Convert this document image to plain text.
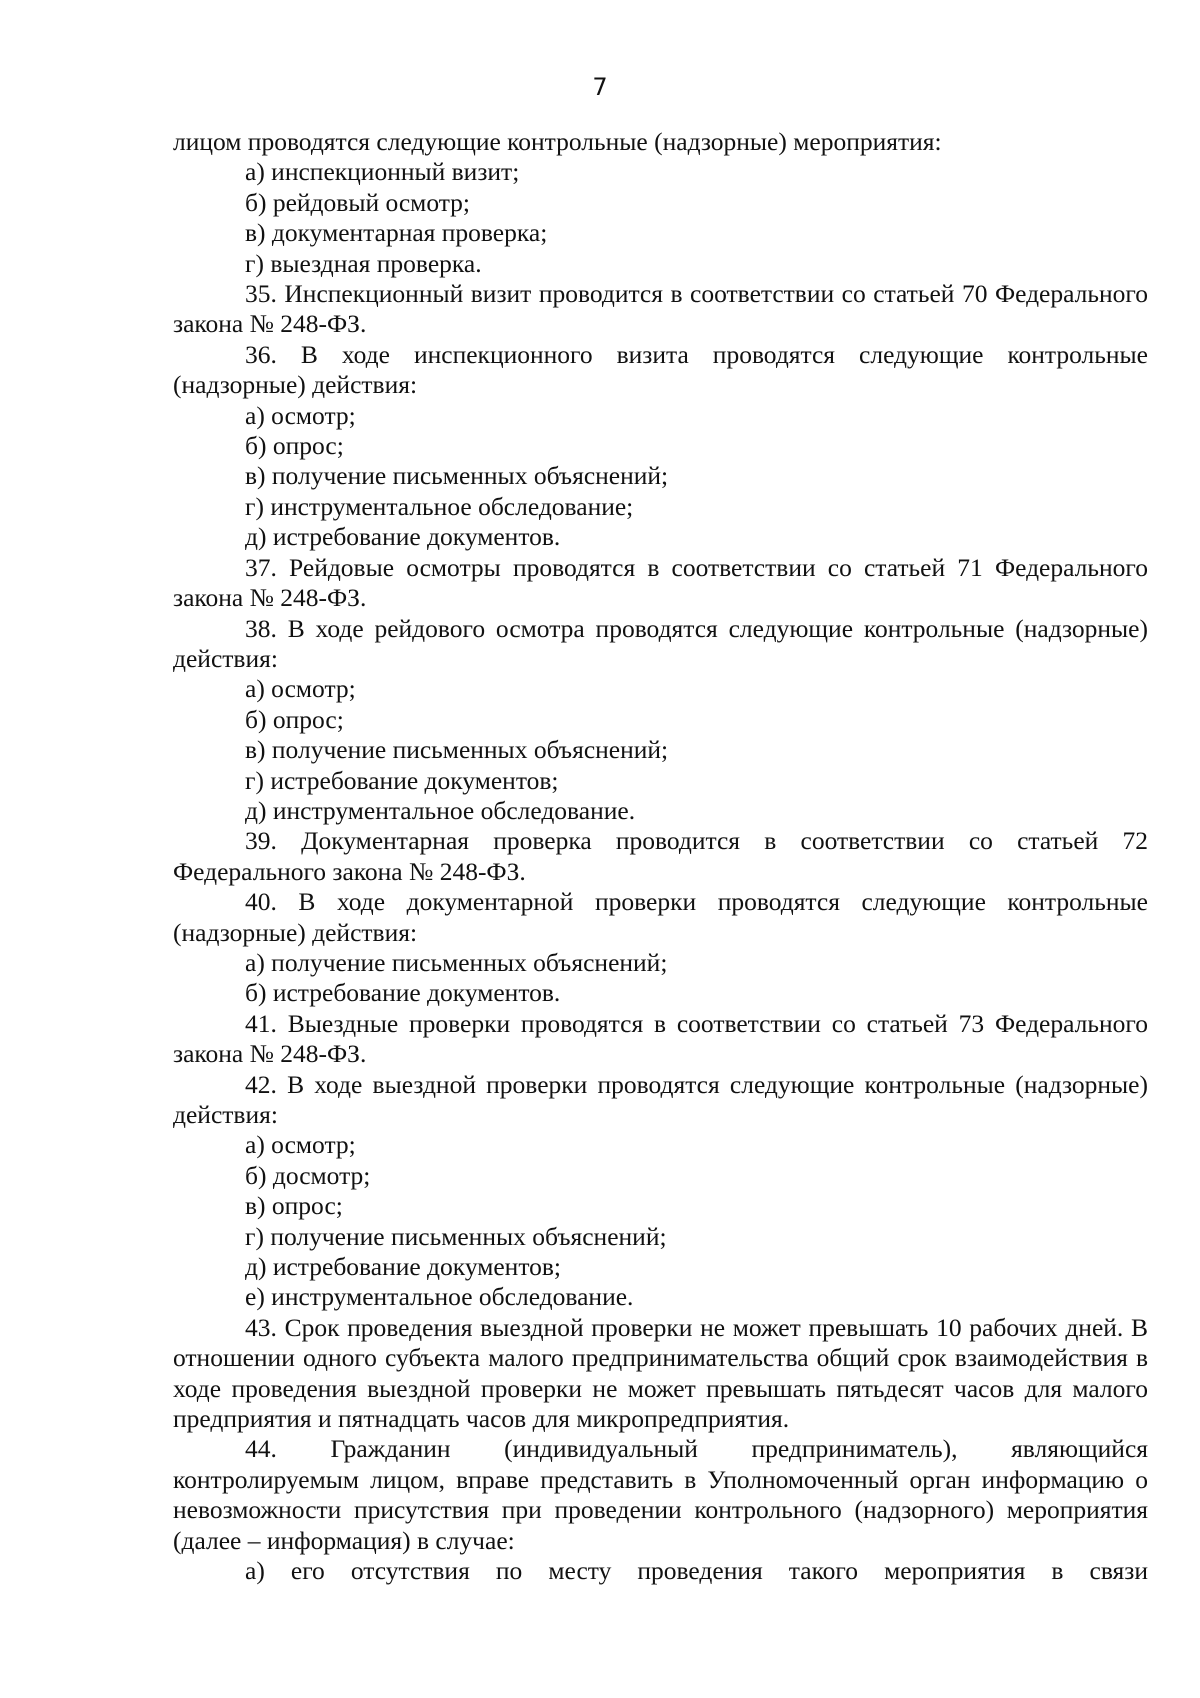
7

лицом проводятся следующие контрольные (надзорные) мероприятия:

а) инспекционный визит;

б) рейдовый осмотр;

в) документарная проверка;

г) выездная проверка.

35. Инспекционный визит проводится в соответствии со статьей 70 Федерального закона № 248-ФЗ.

36. В ходе инспекционного визита проводятся следующие контрольные (надзорные) действия:

а) осмотр;

б) опрос;

в) получение письменных объяснений;

г) инструментальное обследование;

д) истребование документов.

37. Рейдовые осмотры проводятся в соответствии со статьей 71 Федерального закона № 248-ФЗ.

38. В ходе рейдового осмотра проводятся следующие контрольные (надзорные) действия:

а) осмотр;

б) опрос;

в) получение письменных объяснений;

г) истребование документов;

д) инструментальное обследование.

39. Документарная проверка проводится в соответствии со статьей 72 Федерального закона № 248-ФЗ.

40. В ходе документарной проверки проводятся следующие контрольные (надзорные) действия:

а) получение письменных объяснений;

б) истребование документов.

41. Выездные проверки проводятся в соответствии со статьей 73 Федерального закона № 248-ФЗ.

42. В ходе выездной проверки проводятся следующие контрольные (надзорные) действия:

а) осмотр;

б) досмотр;

в) опрос;

г) получение письменных объяснений;

д) истребование документов;

е) инструментальное обследование.

43. Срок проведения выездной проверки не может превышать 10 рабочих дней. В отношении одного субъекта малого предпринимательства общий срок взаимодействия в ходе проведения выездной проверки не может превышать пятьдесят часов для малого предприятия и пятнадцать часов для микропредприятия.

44. Гражданин (индивидуальный предприниматель), являющийся контролируемым лицом, вправе представить в Уполномоченный орган информацию о невозможности присутствия при проведении контрольного (надзорного) мероприятия (далее – информация) в случае:

а) его отсутствия по месту проведения такого мероприятия в связи
